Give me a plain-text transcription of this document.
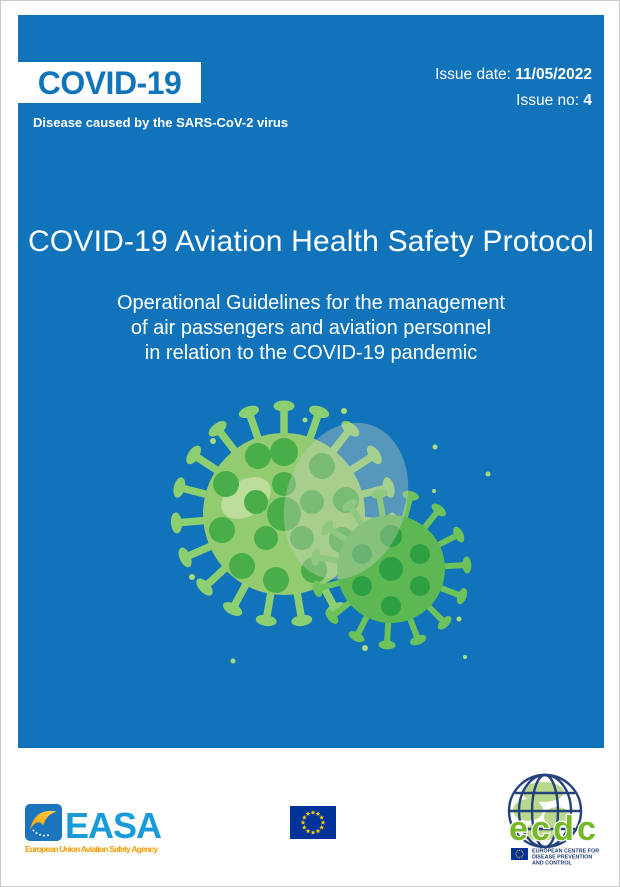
COVID-19
Disease caused by the SARS-CoV-2 virus
Issue date: 11/05/2022
Issue no: 4
COVID-19 Aviation Health Safety Protocol
Operational Guidelines for the management
of air passengers and aviation personnel
in relation to the COVID-19 pandemic
EASA
European Union Aviation Safety Agency
ecdc
EUROPEAN CENTRE FOR
DISEASE PREVENTION
AND CONTROL
